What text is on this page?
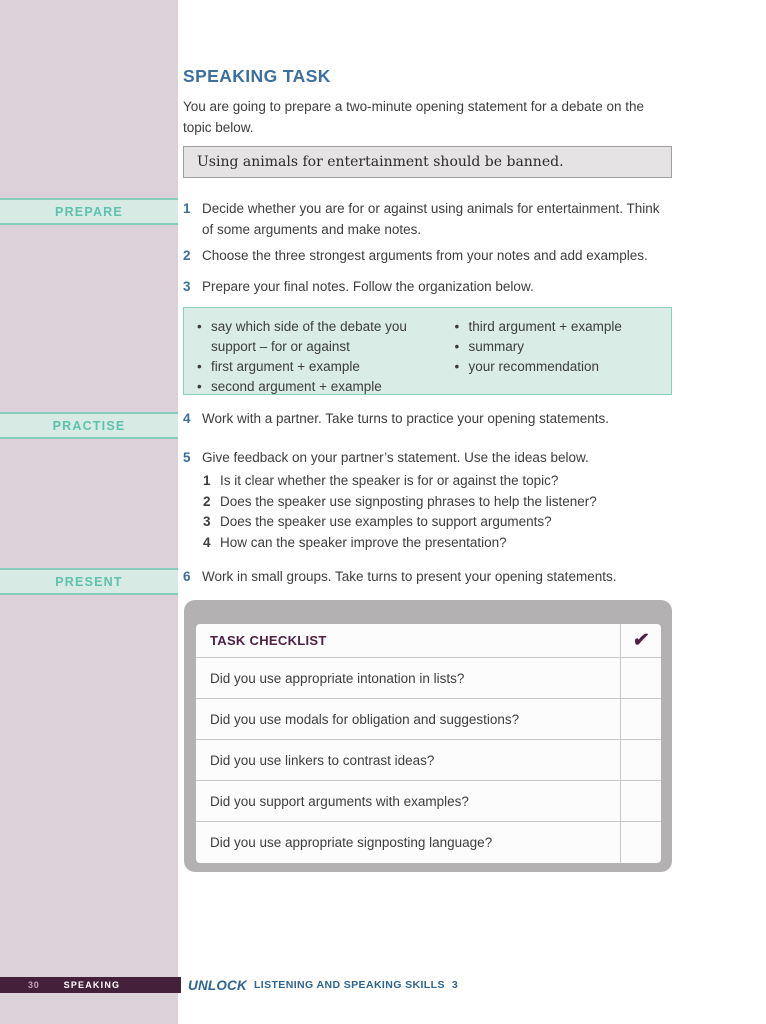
PREPARE
PRACTISE
PRESENT
SPEAKING TASK

You are going to prepare a two-minute opening statement for a debate on the topic below.

Using animals for entertainment should be banned.
1 Decide whether you are for or against using animals for entertainment. Think of some arguments and make notes.
2 Choose the three strongest arguments from your notes and add examples.
3 Prepare your final notes. Follow the organization below.
• say which side of the debate you support – for or against
• first argument + example
• second argument + example
• third argument + example
• summary
• your recommendation
4 Work with a partner. Take turns to practice your opening statements.
5 Give feedback on your partner’s statement. Use the ideas below.
1 Is it clear whether the speaker is for or against the topic?
2 Does the speaker use signposting phrases to help the listener?
3 Does the speaker use examples to support arguments?
4 How can the speaker improve the presentation?
6 Work in small groups. Take turns to present your opening statements.
TASK CHECKLIST	✔
Did you use appropriate intonation in lists?
Did you use modals for obligation and suggestions?
Did you use linkers to contrast ideas?
Did you support arguments with examples?
Did you use appropriate signposting language?
30	SPEAKING	UNLOCK LISTENING AND SPEAKING SKILLS 3
